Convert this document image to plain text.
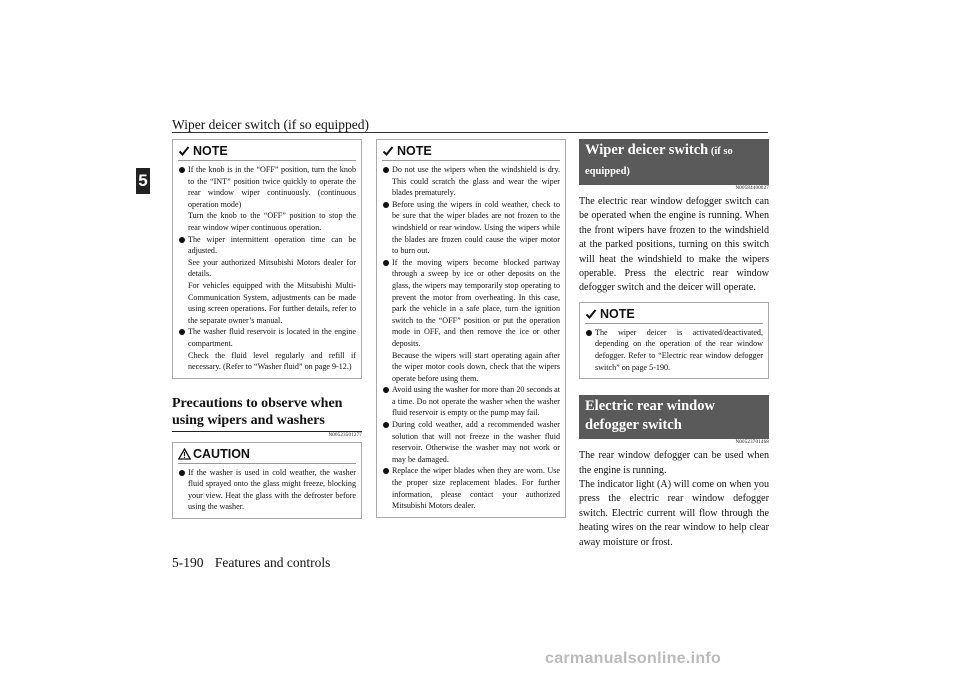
Wiper deicer switch (if so equipped)
5
NOTE
If the knob is in the “OFF” position, turn the knob to the “INT” position twice quickly to operate the rear window wiper continuously. (continuous operation mode)
Turn the knob to the “OFF” position to stop the rear window wiper continuous operation.
The wiper intermittent operation time can be adjusted.
See your authorized Mitsubishi Motors dealer for details.
For vehicles equipped with the Mitsubishi Multi-Communication System, adjustments can be made using screen operations. For further details, refer to the separate owner’s manual.
The washer fluid reservoir is located in the engine compartment.
Check the fluid level regularly and refill if necessary. (Refer to “Washer fluid” on page 9-12.)
Precautions to observe when using wipers and washers
N00523501277
CAUTION
If the washer is used in cold weather, the washer fluid sprayed onto the glass might freeze, blocking your view. Heat the glass with the defroster before using the washer.
NOTE
Do not use the wipers when the windshield is dry. This could scratch the glass and wear the wiper blades prematurely.
Before using the wipers in cold weather, check to be sure that the wiper blades are not frozen to the windshield or rear window. Using the wipers while the blades are frozen could cause the wiper motor to burn out.
If the moving wipers become blocked partway through a sweep by ice or other deposits on the glass, the wipers may temporarily stop operating to prevent the motor from overheating. In this case, park the vehicle in a safe place, turn the ignition switch to the “OFF” position or put the operation mode in OFF, and then remove the ice or other deposits.
Because the wipers will start operating again after the wiper motor cools down, check that the wipers operate before using them.
Avoid using the washer for more than 20 seconds at a time. Do not operate the washer when the washer fluid reservoir is empty or the pump may fail.
During cold weather, add a recommended washer solution that will not freeze in the washer fluid reservoir. Otherwise the washer may not work or may be damaged.
Replace the wiper blades when they are worn. Use the proper size replacement blades. For further information, please contact your authorized Mitsubishi Motors dealer.
Wiper deicer switch (if so equipped)
N00584400027

The electric rear window defogger switch can be operated when the engine is running. When the front wipers have frozen to the windshield at the parked positions, turning on this switch will heat the windshield to make the wipers operable. Press the electric rear window defogger switch and the deicer will operate.

NOTE
The wiper deicer is activated/deactivated, depending on the operation of the rear window defogger. Refer to “Electric rear window defogger switch” on page 5-190.
Electric rear window defogger switch
N00523701468

The rear window defogger can be used when the engine is running.

The indicator light (A) will come on when you press the electric rear window defogger switch. Electric current will flow through the heating wires on the rear window to help clear away moisture or frost.

5-190 Features and controls
carmanualsonline.info
